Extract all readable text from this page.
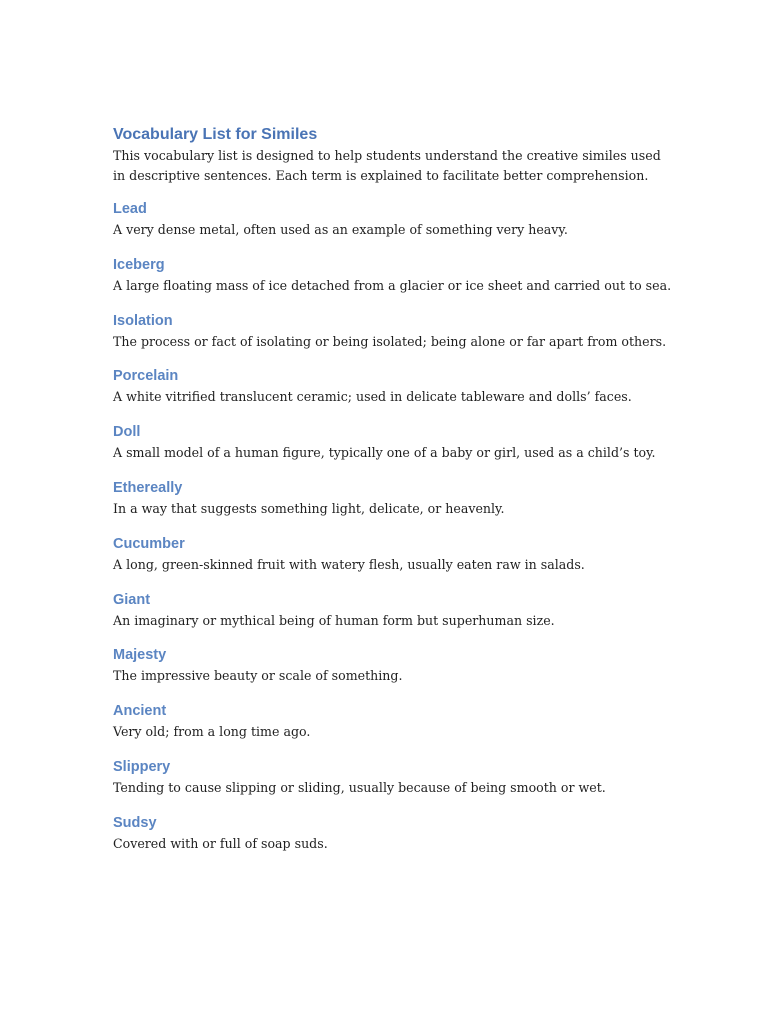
Vocabulary List for Similes

This vocabulary list is designed to help students understand the creative similes used in descriptive sentences. Each term is explained to facilitate better comprehension.

Lead

A very dense metal, often used as an example of something very heavy.

Iceberg

A large floating mass of ice detached from a glacier or ice sheet and carried out to sea.

Isolation

The process or fact of isolating or being isolated; being alone or far apart from others.

Porcelain

A white vitrified translucent ceramic; used in delicate tableware and dolls’ faces.

Doll

A small model of a human figure, typically one of a baby or girl, used as a child’s toy.

Ethereally

In a way that suggests something light, delicate, or heavenly.

Cucumber

A long, green-skinned fruit with watery flesh, usually eaten raw in salads.

Giant

An imaginary or mythical being of human form but superhuman size.

Majesty

The impressive beauty or scale of something.

Ancient

Very old; from a long time ago.

Slippery

Tending to cause slipping or sliding, usually because of being smooth or wet.

Sudsy

Covered with or full of soap suds.
